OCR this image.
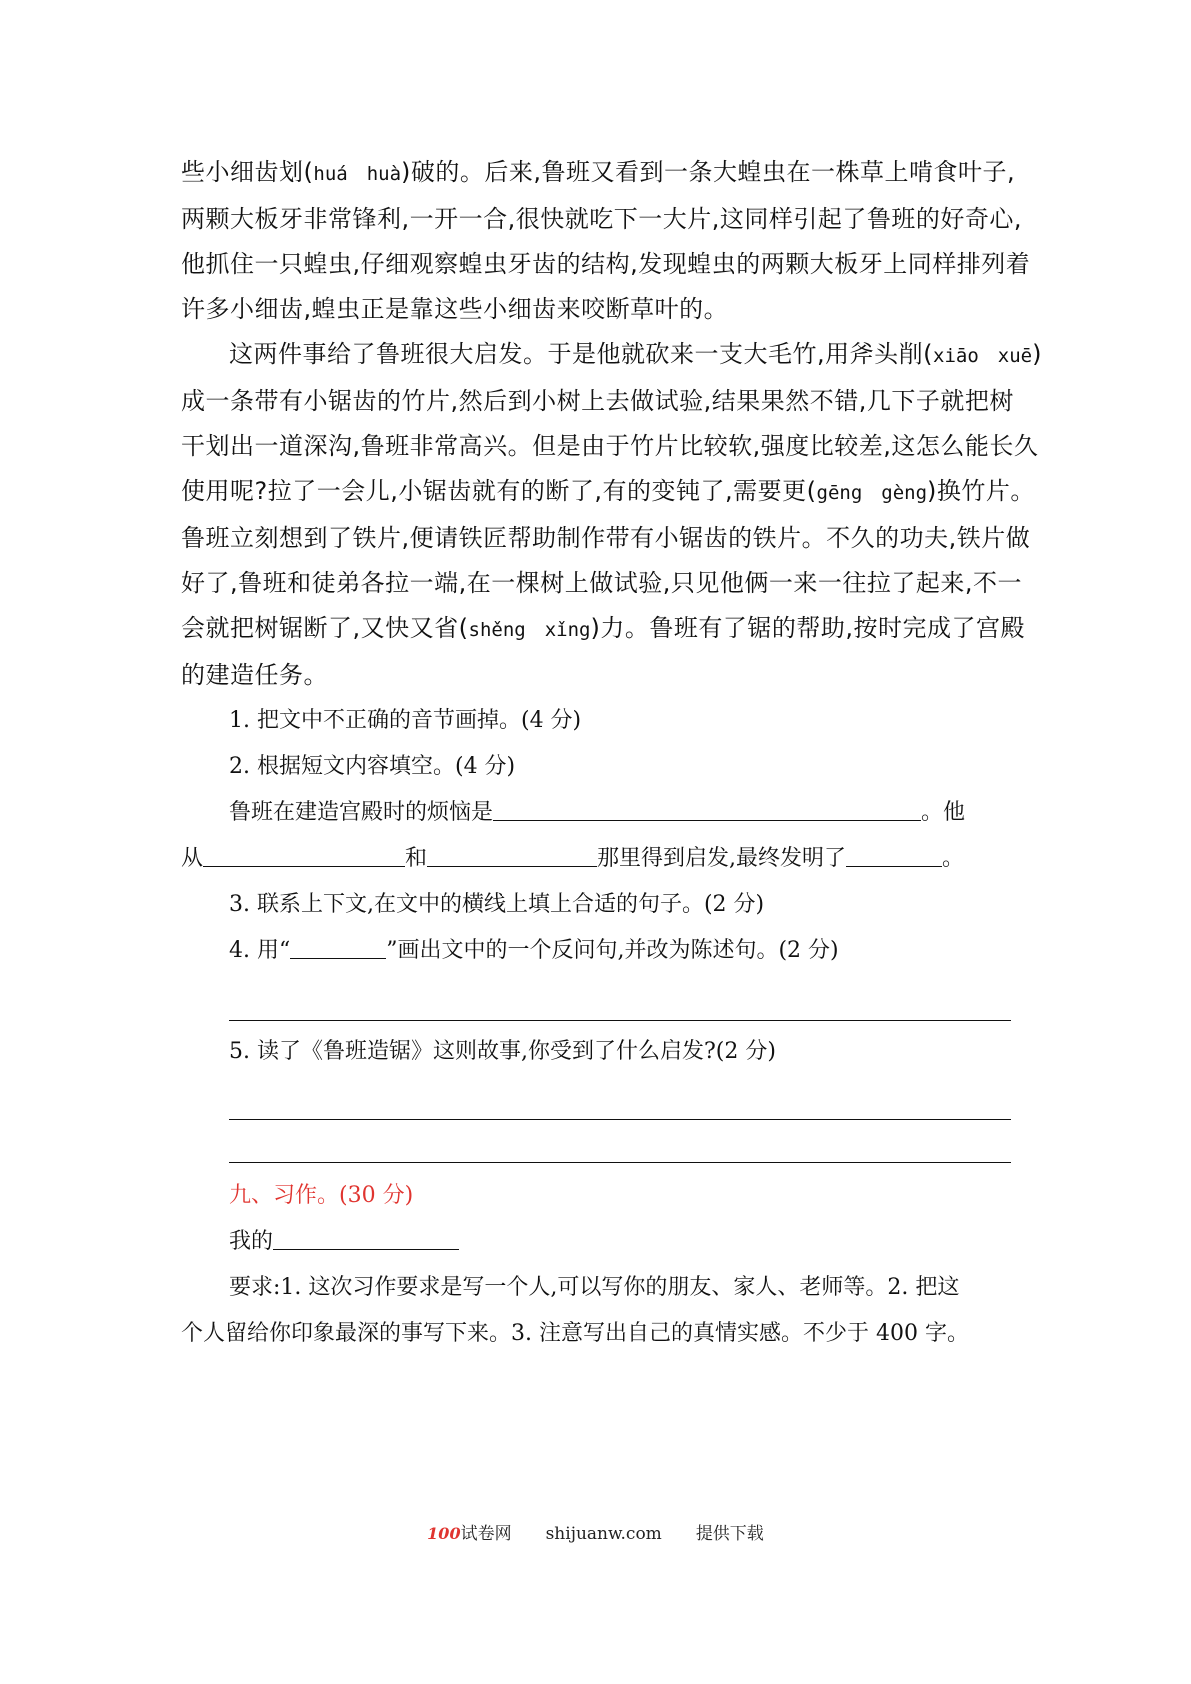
些小细齿划(huá　huà)破的。后来,鲁班又看到一条大蝗虫在一株草上啃食叶子,
两颗大板牙非常锋利,一开一合,很快就吃下一大片,这同样引起了鲁班的好奇心,
他抓住一只蝗虫,仔细观察蝗虫牙齿的结构,发现蝗虫的两颗大板牙上同样排列着
许多小细齿,蝗虫正是靠这些小细齿来咬断草叶的。
这两件事给了鲁班很大启发。于是他就砍来一支大毛竹,用斧头削(xiāo　xuē)
成一条带有小锯齿的竹片,然后到小树上去做试验,结果果然不错,几下子就把树
干划出一道深沟,鲁班非常高兴。但是由于竹片比较软,强度比较差,这怎么能长久
使用呢?拉了一会儿,小锯齿就有的断了,有的变钝了,需要更(gēng　gèng)换竹片。
鲁班立刻想到了铁片,便请铁匠帮助制作带有小锯齿的铁片。不久的功夫,铁片做
好了,鲁班和徒弟各拉一端,在一棵树上做试验,只见他俩一来一往拉了起来,不一
会就把树锯断了,又快又省(shěng　xǐng)力。鲁班有了锯的帮助,按时完成了宫殿
的建造任务。
1. 把文中不正确的音节画掉。(4 分)
2. 根据短文内容填空。(4 分)
鲁班在建造宫殿时的烦恼是	。他
从	和	那里得到启发,最终发明了	。
3. 联系上下文,在文中的横线上填上合适的句子。(2 分)
4. 用“	”画出文中的一个反问句,并改为陈述句。(2 分)
5. 读了《鲁班造锯》这则故事,你受到了什么启发?(2 分)
九、习作。(30 分)
我的
要求:1. 这次习作要求是写一个人,可以写你的朋友、家人、老师等。2. 把这
个人留给你印象最深的事写下来。3. 注意写出自己的真情实感。不少于 400 字。
100试卷网 shijuanw.com 提供下载
